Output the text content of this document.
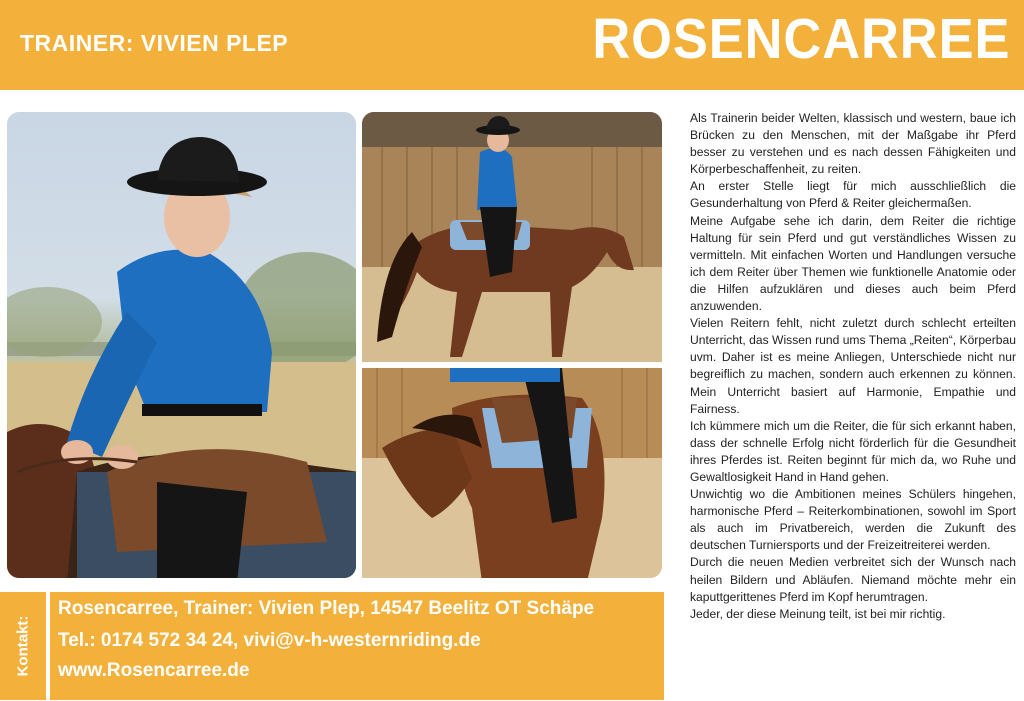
TRAINER: VIVIEN PLEP	ROSENCARREE
Kontakt:
Rosencarree, Trainer: Vivien Plep, 14547 Beelitz OT Schäpe
Tel.: 0174 572 34 24, vivi@v-h-westernriding.de
www.Rosencarree.de

Als Trainerin beider Welten, klassisch und western, baue ich Brücken zu den Menschen, mit der Maßgabe ihr Pferd besser zu verstehen und es nach dessen Fähigkeiten und Körperbeschaffenheit, zu reiten.

An erster Stelle liegt für mich ausschließlich die Gesunderhaltung von Pferd & Reiter gleichermaßen.

Meine Aufgabe sehe ich darin, dem Reiter die richtige Haltung für sein Pferd und gut verständliches Wissen zu vermitteln. Mit einfachen Worten und Handlungen versuche ich dem Reiter über Themen wie funktionelle Anatomie oder die Hilfen aufzuklären und dieses auch beim Pferd anzuwenden.

Vielen Reitern fehlt, nicht zuletzt durch schlecht erteilten Unterricht, das Wissen rund ums Thema „Reiten“, Körperbau uvm. Daher ist es meine Anliegen, Unterschiede nicht nur begreiflich zu machen, sondern auch erkennen zu können. Mein Unterricht basiert auf Harmonie, Empathie und Fairness.

Ich kümmere mich um die Reiter, die für sich erkannt haben, dass der schnelle Erfolg nicht förderlich für die Gesundheit ihres Pferdes ist. Reiten beginnt für mich da, wo Ruhe und Gewaltlosigkeit Hand in Hand gehen.

Unwichtig wo die Ambitionen meines Schülers hingehen, harmonische Pferd – Reiterkombinationen, sowohl im Sport als auch im Privatbereich, werden die Zukunft des deutschen Turniersports und der Freizeitreiterei werden.

Durch die neuen Medien verbreitet sich der Wunsch nach heilen Bildern und Abläufen. Niemand möchte mehr ein kaputtgerittenes Pferd im Kopf herumtragen.

Jeder, der diese Meinung teilt, ist bei mir richtig.
